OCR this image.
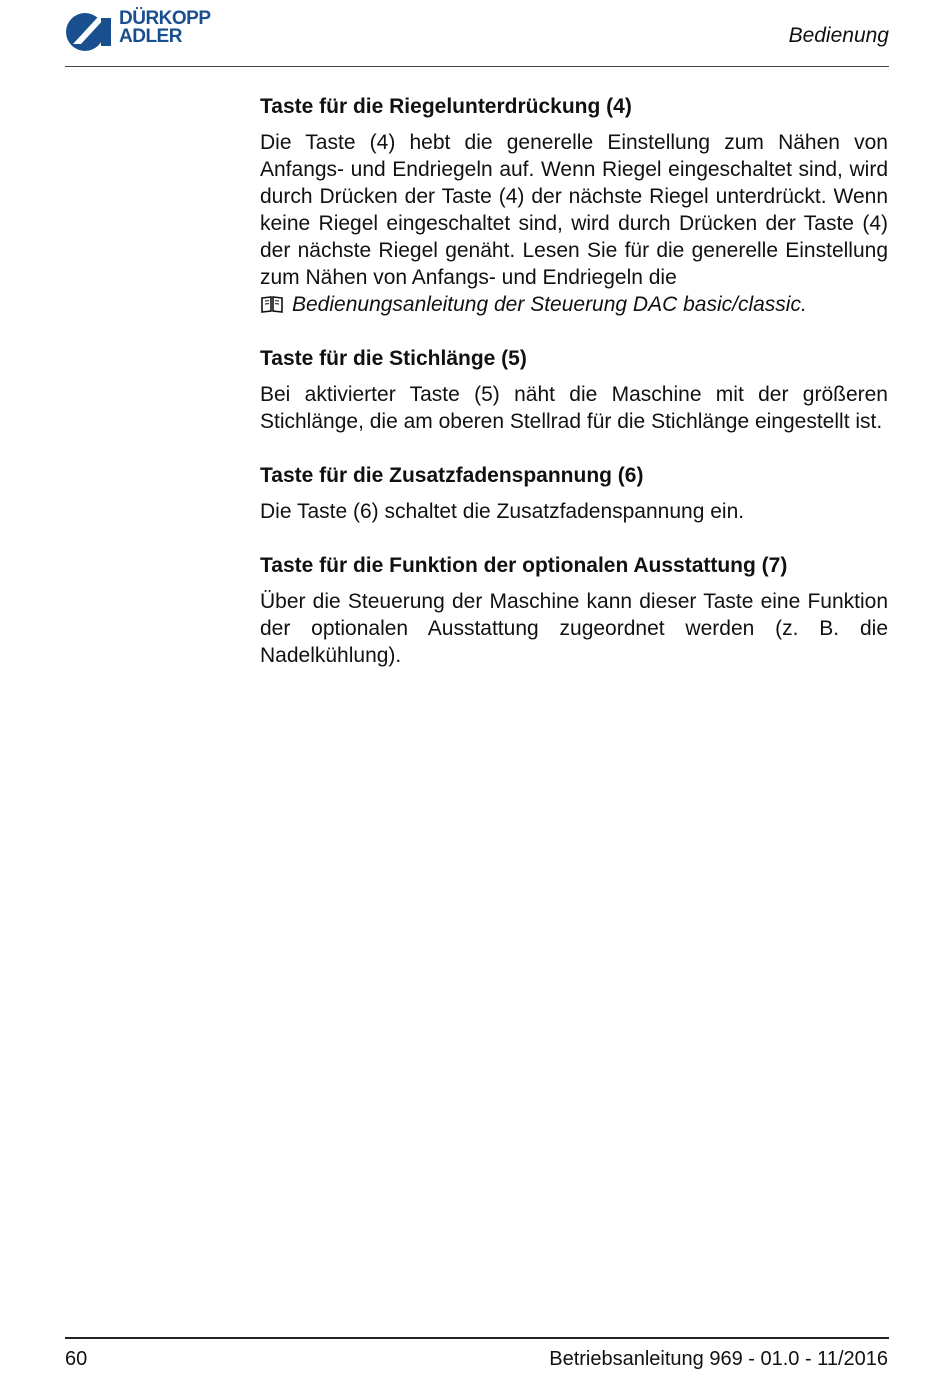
DÜRKOPP
ADLER	Bedienung
Taste für die Riegelunterdrückung (4)

Die Taste (4) hebt die generelle Einstellung zum Nähen von Anfangs- und Endriegeln auf. Wenn Riegel eingeschaltet sind, wird durch Drücken der Taste (4) der nächste Riegel unterdrückt. Wenn keine Riegel eingeschaltet sind, wird durch Drücken der Taste (4) der nächste Riegel genäht. Lesen Sie für die generelle Einstellung zum Nähen von Anfangs- und Endriegeln die
Bedienungsanleitung der Steuerung DAC basic/classic.

Taste für die Stichlänge (5)

Bei aktivierter Taste (5) näht die Maschine mit der größeren Stichlänge, die am oberen Stellrad für die Stichlänge eingestellt ist.

Taste für die Zusatzfadenspannung (6)

Die Taste (6) schaltet die Zusatzfadenspannung ein.

Taste für die Funktion der optionalen Ausstattung (7)

Über die Steuerung der Maschine kann dieser Taste eine Funktion der optionalen Ausstattung zugeordnet werden (z. B. die Nadelkühlung).

60	Betriebsanleitung 969 - 01.0 - 11/2016
